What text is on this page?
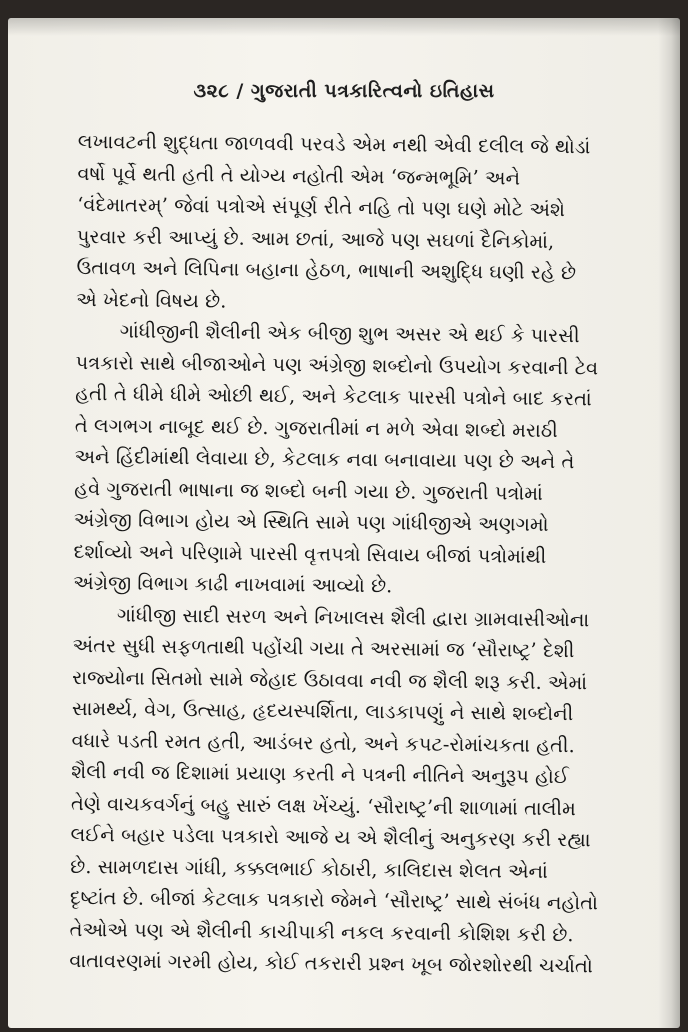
૩૨૮ / ગુજરાતી પત્રકારિત્વનો ઇતિહાસ
લખાવટની શુદ્ધતા જાળવવી પરવડે એમ નથી એવી દલીલ જે થોડાં
વર્ષો પૂર્વે થતી હતી તે યોગ્ય નહોતી એમ ‘જન્મભૂમિ’ અને
‘વંદેમાતરમ્’ જેવાં પત્રોએ સંપૂર્ણ રીતે નહિ તો પણ ઘણે મોટે અંશે
પુરવાર કરી આપ્યું છે. આમ છતાં, આજે પણ સઘળાં દૈનિકોમાં,
ઉતાવળ અને લિપિના બહાના હેઠળ, ભાષાની અશુદ્ધિ ઘણી રહે છે
એ ખેદનો વિષય છે.
ગાંધીજીની શૈલીની એક બીજી શુભ અસર એ થઈ કે પારસી
પત્રકારો સાથે બીજાઓને પણ અંગ્રેજી શબ્દોનો ઉપયોગ કરવાની ટેવ
હતી તે ધીમે ધીમે ઓછી થઈ, અને કેટલાક પારસી પત્રોને બાદ કરતાં
તે લગભગ નાબૂદ થઈ છે. ગુજરાતીમાં ન મળે એવા શબ્દો મરાઠી
અને હિંદીમાંથી લેવાયા છે, કેટલાક નવા બનાવાયા પણ છે અને તે
હવે ગુજરાતી ભાષાના જ શબ્દો બની ગયા છે. ગુજરાતી પત્રોમાં
અંગ્રેજી વિભાગ હોય એ સ્થિતિ સામે પણ ગાંધીજીએ અણગમો
દર્શાવ્યો અને પરિણામે પારસી વૃત્તપત્રો સિવાય બીજાં પત્રોમાંથી
અંગ્રેજી વિભાગ કાઢી નાખવામાં આવ્યો છે.
ગાંધીજી સાદી સરળ અને નિખાલસ શૈલી દ્વારા ગ્રામવાસીઓના
અંતર સુધી સફળતાથી પહોંચી ગયા તે અરસામાં જ ‘સૌરાષ્ટ્ર’ દેશી
રાજ્યોના સિતમો સામે જેહાદ ઉઠાવવા નવી જ શૈલી શરૂ કરી. એમાં
સામર્થ્ય, વેગ, ઉત્સાહ, હૃદયસ્પર્શિતા, લાડકાપણું ને સાથે શબ્દોની
વધારે પડતી રમત હતી, આડંબર હતો, અને કપટ-રોમાંચકતા હતી.
શૈલી નવી જ દિશામાં પ્રયાણ કરતી ને પત્રની નીતિને અનુરૂપ હોઈ
તેણે વાચકવર્ગનું બહુ સારું લક્ષ ખેંચ્યું. ‘સૌરાષ્ટ્ર’ની શાળામાં તાલીમ
લઈને બહાર પડેલા પત્રકારો આજે ય એ શૈલીનું અનુકરણ કરી રહ્યા
છે. સામળદાસ ગાંધી, કક્કલભાઈ કોઠારી, કાલિદાસ શેલત એનાં
દૃષ્ટાંત છે. બીજાં કેટલાક પત્રકારો જેમને ‘સૌરાષ્ટ્ર’ સાથે સંબંધ નહોતો
તેઓએ પણ એ શૈલીની કાચીપાકી નકલ કરવાની કોશિશ કરી છે.
વાતાવરણમાં ગરમી હોય, કોઈ તકરારી પ્રશ્ન ખૂબ જોરશોરથી ચર્ચાતો
